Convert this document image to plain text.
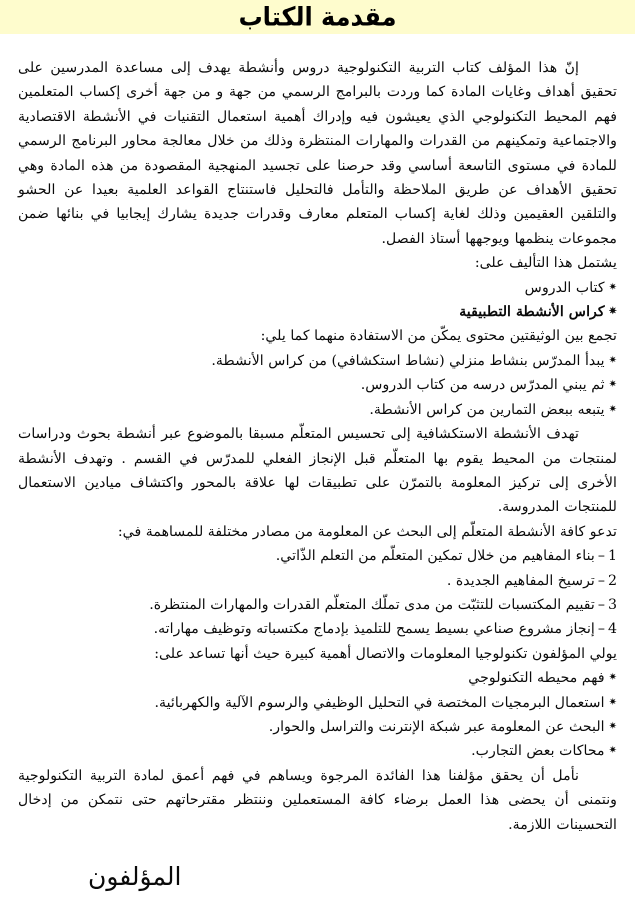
مقدمة الكتاب

إنّ هذا المؤلف كتاب التربية التكنولوجية دروس وأنشطة يهدف إلى مساعدة المدرسين على تحقيق أهداف وغايات المادة كما وردت بالبرامج الرسمي من جهة و من جهة أخرى إكساب المتعلمين فهم المحيط التكنولوجي الذي يعيشون فيه وإدراك أهمية استعمال التقنيات في الأنشطة الاقتصادية والاجتماعية وتمكينهم من القدرات والمهارات المنتظرة وذلك من خلال معالجة محاور البرنامج الرسمي للمادة في مستوى التاسعة أساسي وقد حرصنا على تجسيد المنهجية المقصودة من هذه المادة وهي تحقيق الأهداف عن طريق الملاحظة والتأمل فالتحليل فاستنتاج القواعد العلمية بعيدا عن الحشو والتلقين العقيمين وذلك لغاية إكساب المتعلم معارف وقدرات جديدة يشارك إيجابيا في بنائها ضمن مجموعات ينظمها ويوجهها أستاذ الفصل.

يشتمل هذا التأليف على:

✷كتاب الدروس

✷كراس الأنشطة التطبيقية

تجمع بين الوثيقتين محتوى يمكّن من الاستفادة منهما كما يلي:

✷يبدأ المدرّس بنشاط منزلي (نشاط استكشافي) من كراس الأنشطة.

✷ثم يبني المدرّس درسه من كتاب الدروس.

✷يتبعه ببعض التمارين من كراس الأنشطة.

تهدف الأنشطة الاستكشافية إلى تحسيس المتعلّم مسبقا بالموضوع عبر أنشطة بحوث ودراسات لمنتجات من المحيط يقوم بها المتعلّم قبل الإنجاز الفعلي للمدرّس في القسم . وتهدف الأنشطة الأخرى إلى تركيز المعلومة بالتمرّن على تطبيقات لها علاقة بالمحور واكتشاف ميادين الاستعمال للمنتجات المدروسة.

تدعو كافة الأنشطة المتعلّم إلى البحث عن المعلومة من مصادر مختلفة للمساهمة في:

1–بناء المفاهيم من خلال تمكين المتعلّم من التعلم الذّاتي.

2–ترسيخ المفاهيم الجديدة .

3–تقييم المكتسبات للتثبّت من مدى تملّك المتعلّم القدرات والمهارات المنتظرة.

4–إنجاز مشروع صناعي بسيط يسمح للتلميذ بإدماج مكتسباته وتوظيف مهاراته.

يولي المؤلفون تكنولوجيا المعلومات والاتصال أهمية كبيرة حيث أنها تساعد على:

✷فهم محيطه التكنولوجي

✷استعمال البرمجيات المختصة في التحليل الوظيفي والرسوم الآلية والكهربائية.

✷البحث عن المعلومة عبر شبكة الإنترنت والتراسل والحوار.

✷محاكات بعض التجارب.

نأمل أن يحقق مؤلفنا هذا الفائدة المرجوة ويساهم في فهم أعمق لمادة التربية التكنولوجية ونتمنى أن يحضى هذا العمل برضاء كافة المستعملين وننتظر مقترحاتهم حتى نتمكن من إدخال التحسينات اللازمة.

المؤلفون
